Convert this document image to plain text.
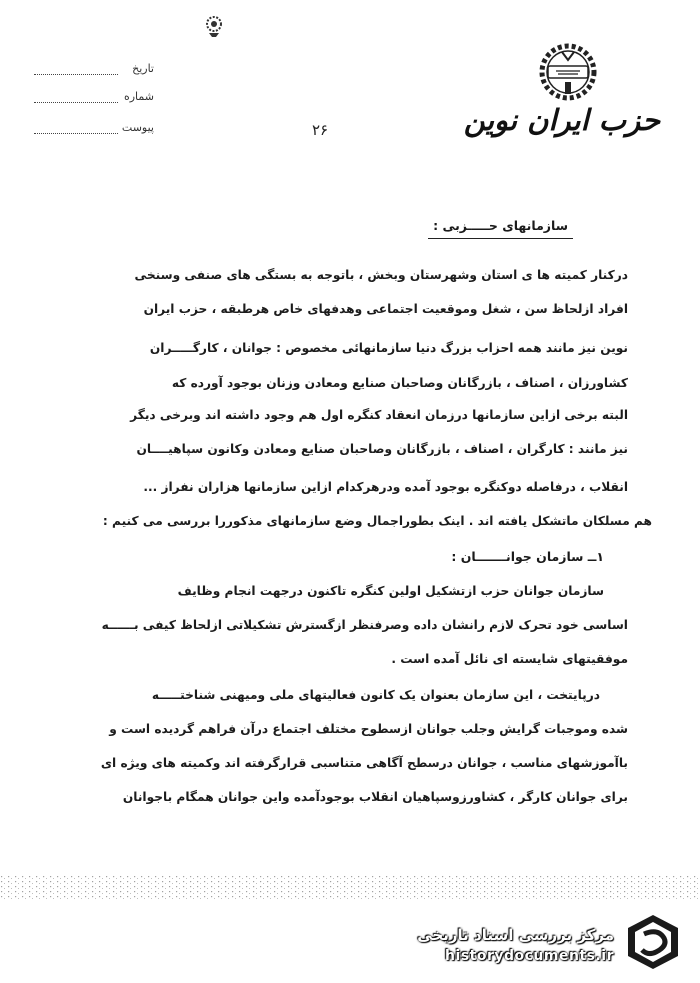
تاریخ
شماره
پیوست	۲۶	حزب ایران نوین
سازمانهای حـــــزبی :
درکنار کمیته ها ی استان وشهرستان وبخش ، باتوجه به بستگی های صنفی وسنخی
افراد ازلحاظ سن ، شغل وموقعیت اجتماعی وهدفهای خاص هرطبقه ، حزب ایران
نوین نیز مانند همه احزاب بزرگ دنیا سازمانهائی مخصوص : جوانان ، کارگـــــران
کشاورزان ، اصناف ، بازرگانان وصاحبان صنایع ومعادن وزنان بوجود آورده که
البته برخی ازاین سازمانها درزمان انعقاد کنگره اول هم وجود داشته اند وبرخی دیگر
نیز مانند : کارگران ، اصناف ، بازرگانان وصاحبان صنایع ومعادن وکانون سپاهیــــان
انقلاب ، درفاصله دوکنگره بوجود آمده ودرهرکدام ازاین سازمانها هزاران نفراز ...
هم مسلکان ماتشکل یافته اند . اینک بطوراجمال وضع سازمانهای مذکوررا بررسی می کنیم :
۱ــ سازمان جوانـــــــان :
سازمان جوانان حزب ازتشکیل اولین کنگره تاکنون درجهت انجام وظایف
اساسی خود تحرک لازم رانشان داده وصرفنظر ازگسترش تشکیلاتی ازلحاظ کیفی بــــــه
موفقیتهای شایسته ای نائل آمده است .
درپایتخت ، این سازمان بعنوان یک کانون فعالیتهای ملی ومیهنی شناختـــــه
شده وموجبات گرایش وجلب جوانان ازسطوح مختلف اجتماع درآن فراهم گردیده است و
باآموزشهای مناسب ، جوانان درسطح آگاهی متناسبی قرارگرفته اند وکمیته های ویژه ای
برای جوانان کارگر ، کشاورزوسپاهیان انقلاب بوجودآمده واین جوانان همگام باجوانان
مرکز بررسی اسناد تاریخی
historydocuments.ir
